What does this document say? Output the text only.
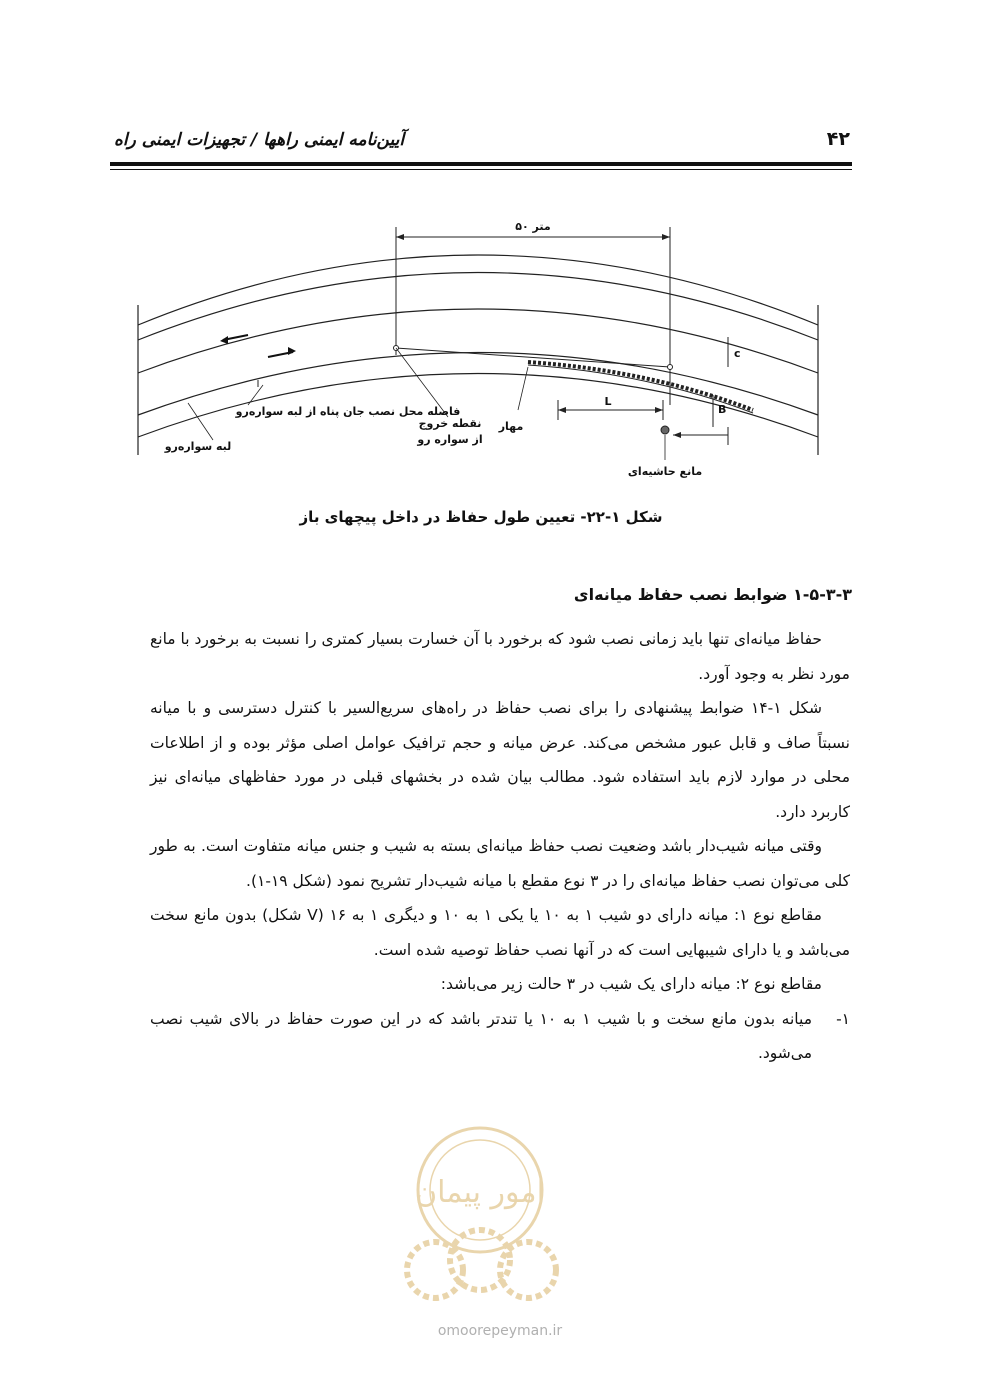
۴۲
آیین‌نامه ایمنی راهها / تجهیزات ایمنی راه
۵۰ متر
c
L
B
فاصله محل نصب جان پناه از لبه سواره‌رو
نقطه خروج
از سواره رو
مهار
لبه سواره‌رو
مانع حاشیه‌ای
شکل ۱-۲۲- تعیین طول حفاظ در داخل پیچهای باز
۱-۵-۳-۳ ضوابط نصب حفاظ میانه‌ای

حفاظ میانه‌ای تنها باید زمانی نصب شود که برخورد با آن خسارت بسیار کمتری را نسبت به برخورد با مانع مورد نظر به وجود آورد.

شکل ۱-۱۴ ضوابط پیشنهادی را برای نصب حفاظ در راه‌های سریع‌السیر با کنترل دسترسی و با میانه نسبتاً صاف و قابل عبور مشخص می‌کند. عرض میانه و حجم ترافیک عوامل اصلی مؤثر بوده و از اطلاعات محلی در موارد لازم باید استفاده شود. مطالب بیان شده در بخشهای قبلی در مورد حفاظهای میانه‌ای نیز کاربرد دارد.

وقتی میانه شیب‌دار باشد وضعیت نصب حفاظ میانه‌ای بسته به شیب و جنس میانه متفاوت است. به طور کلی می‌توان نصب حفاظ میانه‌ای را در ۳ نوع مقطع با میانه شیب‌دار تشریح نمود (شکل ۱۹-۱).

مقاطع نوع ۱: میانه دارای دو شیب ۱ به ۱۰ یا یکی ۱ به ۱۰ و دیگری ۱ به ۱۶ (V شکل) بدون مانع سخت می‌باشد و یا دارای شیبهایی است که در آنها نصب حفاظ توصیه شده است.

مقاطع نوع ۲: میانه دارای یک شیب در ۳ حالت زیر می‌باشد:

۱-
میانه بدون مانع سخت و با شیب ۱ به ۱۰ یا تندتر باشد که در این صورت حفاظ در بالای شیب نصب می‌شود.

امور پیمان
omoorepeyman.ir
